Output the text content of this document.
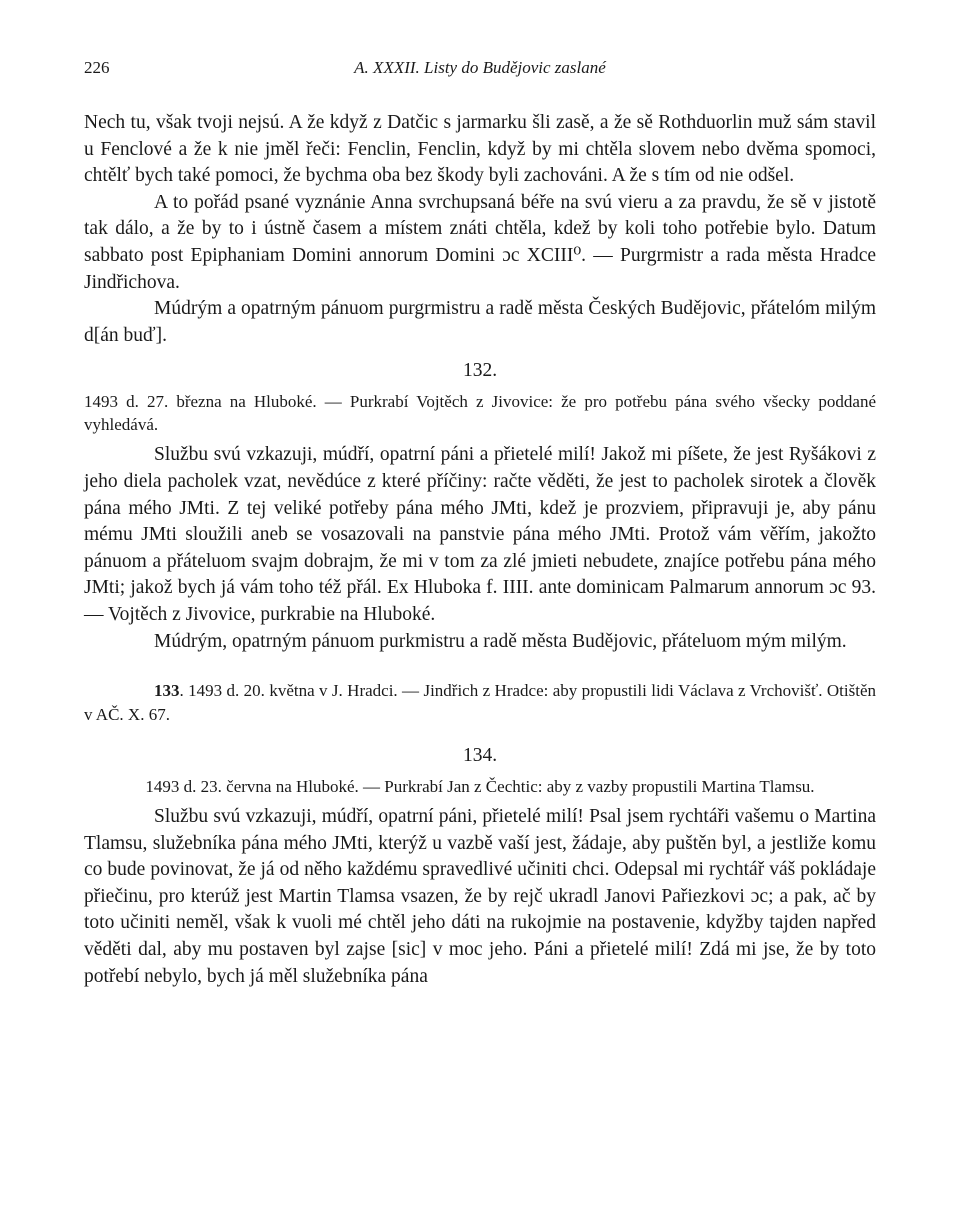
226	A. XXXII. Listy do Budějovic zaslané

Nech tu, však tvoji nejsú. A že když z Datčic s jarmarku šli zasě, a že sě Rothduorlin muž sám stavil u Fenclové a že k nie jměl řeči: Fenclin, Fenclin, když by mi chtěla slovem nebo dvěma spomoci, chtělť bych také pomoci, že bychma oba bez škody byli zachováni. A že s tím od nie odšel.

A to pořád psané vyznánie Anna svrchupsaná béře na svú vieru a za pravdu, že sě v jistotě tak dálo, a že by to i ústně časem a místem znáti chtěla, kdež by koli toho potřebie bylo. Datum sabbato post Epiphaniam Domini annorum Domini ɔc XCIII⁰. — Purgrmistr a rada města Hradce Jindřichova.

Múdrým a opatrným pánuom purgrmistru a radě města Českých Budějovic, přátelóm milým d[án buď].

132.
1493 d. 27. března na Hluboké. — Purkrabí Vojtěch z Jivovice: že pro potřebu pána svého všecky poddané vyhledává.

Službu svú vzkazuji, múdří, opatrní páni a přietelé milí! Jakož mi píšete, že jest Ryšákovi z jeho diela pacholek vzat, nevědúce z které příčiny: račte věděti, že jest to pacholek sirotek a člověk pána mého JMti. Z tej veliké potřeby pána mého JMti, kdež je prozviem, připravuji je, aby pánu mému JMti sloužili aneb se vosazovali na panstvie pána mého JMti. Protož vám věřím, jakožto pánuom a přáteluom svajm dobrajm, že mi v tom za zlé jmieti nebudete, znajíce potřebu pána mého JMti; jakož bych já vám toho též přál. Ex Hluboka f. IIII. ante dominicam Palmarum annorum ɔc 93. — Vojtěch z Jivovice, purkrabie na Hluboké.

Múdrým, opatrným pánuom purkmistru a radě města Budějovic, přáteluom mým milým.

133. 1493 d. 20. května v J. Hradci. — Jindřich z Hradce: aby propustili lidi Václava z Vrchovišť. Otištěn v AČ. X. 67.
134.
1493 d. 23. června na Hluboké. — Purkrabí Jan z Čechtic: aby z vazby propustili Martina Tlamsu.

Službu svú vzkazuji, múdří, opatrní páni, přietelé milí! Psal jsem rychtáři vašemu o Martina Tlamsu, služebníka pána mého JMti, kterýž u vazbě vaší jest, žádaje, aby puštěn byl, a jestliže komu co bude povinovat, že já od něho každému spravedlivé učiniti chci. Odepsal mi rychtář váš pokládaje přiečinu, pro kterúž jest Martin Tlamsa vsazen, že by rejč ukradl Janovi Pařiezkovi ɔc; a pak, ač by toto učiniti neměl, však k vuoli mé chtěl jeho dáti na rukojmie na postavenie, kdyžby tajden napřed věděti dal, aby mu postaven byl zajse [sic] v moc jeho. Páni a přietelé milí! Zdá mi jse, že by toto potřebí nebylo, bych já měl služebníka pána
